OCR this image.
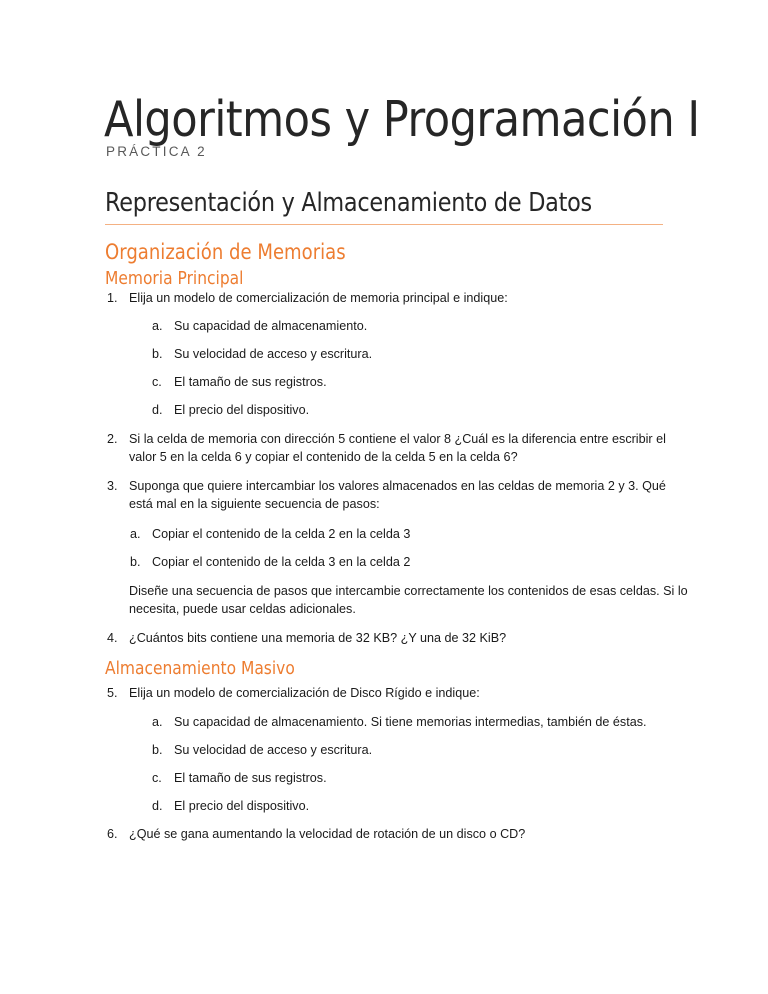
Algoritmos y Programación I
PRÁCTICA 2
Representación y Almacenamiento de Datos
Organización de Memorias
Memoria Principal
1. Elija un modelo de comercialización de memoria principal e indique:
a. Su capacidad de almacenamiento.
b. Su velocidad de acceso y escritura.
c. El tamaño de sus registros.
d. El precio del dispositivo.
2. Si la celda de memoria con dirección 5 contiene el valor 8 ¿Cuál es la diferencia entre escribir el
valor 5 en la celda 6 y copiar el contenido de la celda 5 en la celda 6?
3. Suponga que quiere intercambiar los valores almacenados en las celdas de memoria 2 y 3. Qué
está mal en la siguiente secuencia de pasos:
a. Copiar el contenido de la celda 2 en la celda 3
b. Copiar el contenido de la celda 3 en la celda 2
Diseñe una secuencia de pasos que intercambie correctamente los contenidos de esas celdas. Si lo
necesita, puede usar celdas adicionales.
4. ¿Cuántos bits contiene una memoria de 32 KB? ¿Y una de 32 KiB?
Almacenamiento Masivo
5. Elija un modelo de comercialización de Disco Rígido e indique:
a. Su capacidad de almacenamiento. Si tiene memorias intermedias, también de éstas.
b. Su velocidad de acceso y escritura.
c. El tamaño de sus registros.
d. El precio del dispositivo.
6. ¿Qué se gana aumentando la velocidad de rotación de un disco o CD?
